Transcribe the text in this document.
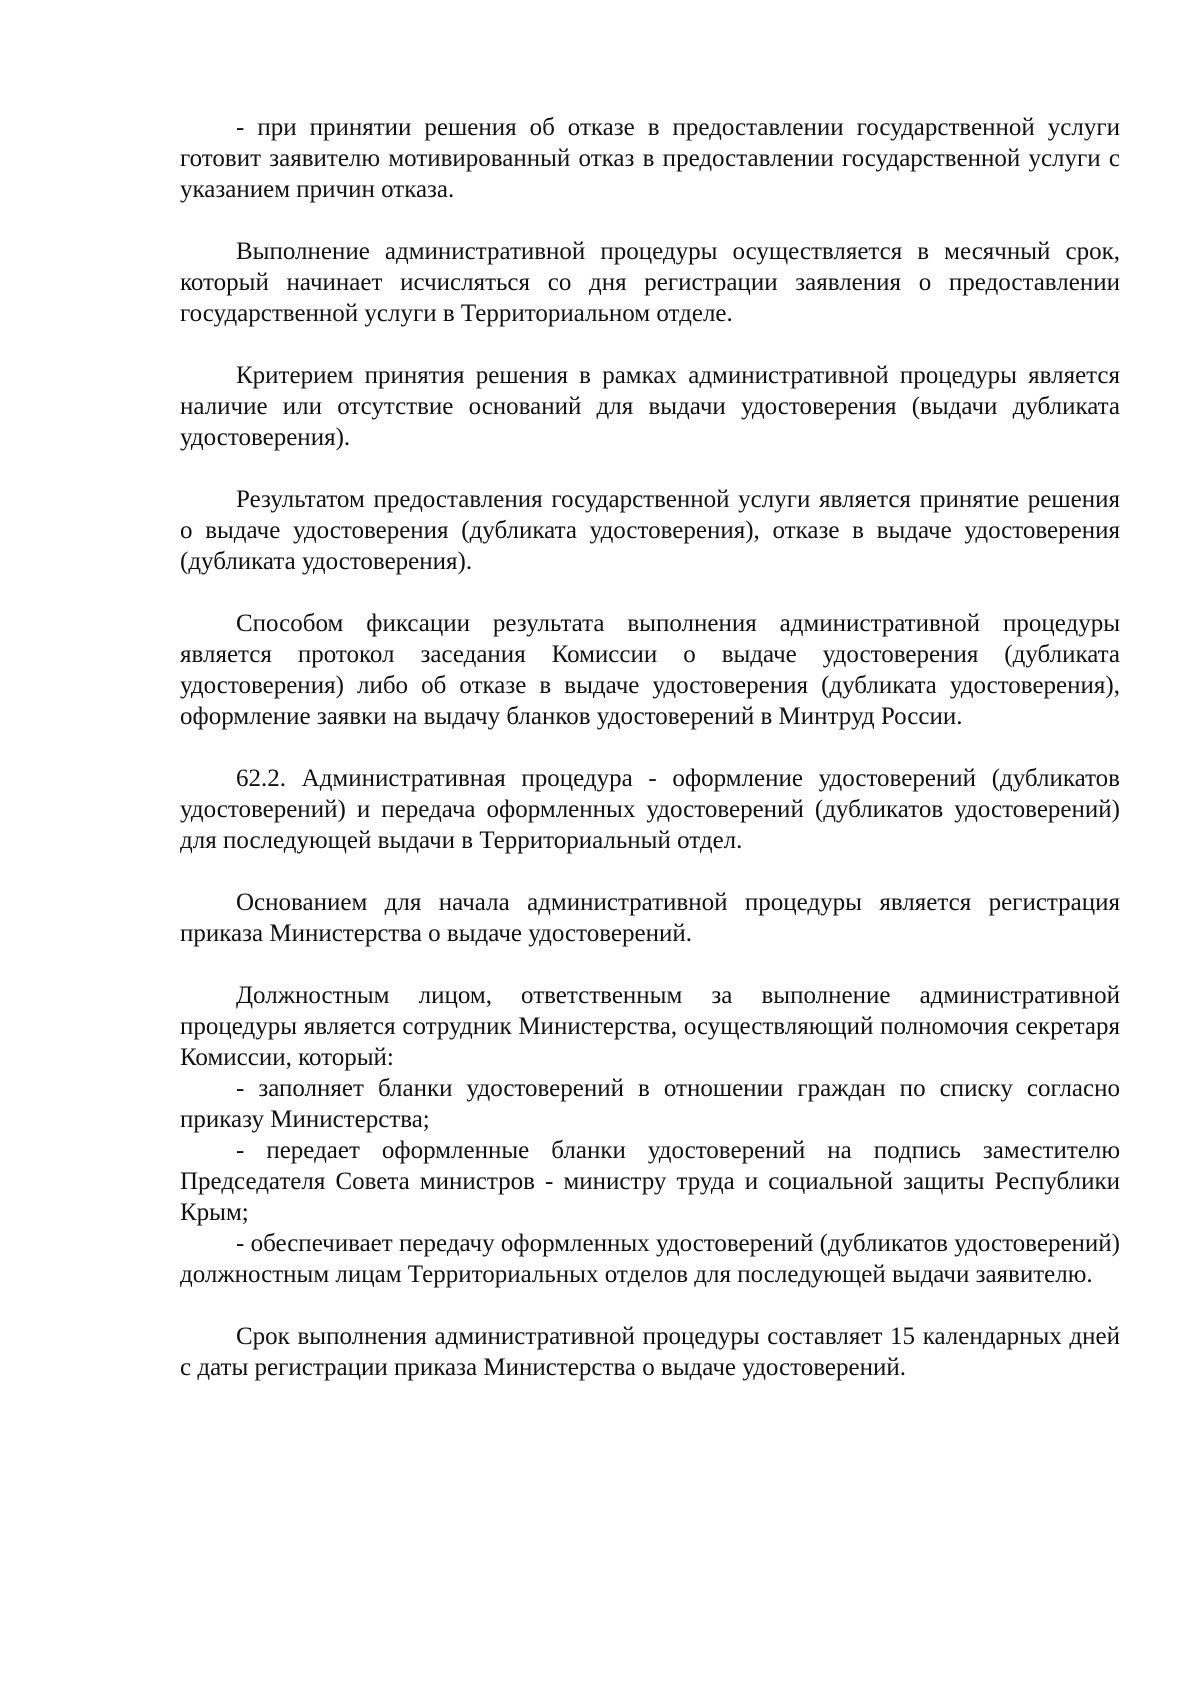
- при принятии решения об отказе в предоставлении государственной услуги готовит заявителю мотивированный отказ в предоставлении государственной услуги с указанием причин отказа.

Выполнение административной процедуры осуществляется в месячный срок, который начинает исчисляться со дня регистрации заявления о предоставлении государственной услуги в Территориальном отделе.

Критерием принятия решения в рамках административной процедуры является наличие или отсутствие оснований для выдачи удостоверения (выдачи дубликата удостоверения).

Результатом предоставления государственной услуги является принятие решения о выдаче удостоверения (дубликата удостоверения), отказе в выдаче удостоверения (дубликата удостоверения).

Способом фиксации результата выполнения административной процедуры является протокол заседания Комиссии о выдаче удостоверения (дубликата удостоверения) либо об отказе в выдаче удостоверения (дубликата удостоверения), оформление заявки на выдачу бланков удостоверений в Минтруд России.

62.2. Административная процедура - оформление удостоверений (дубликатов удостоверений) и передача оформленных удостоверений (дубликатов удостоверений) для последующей выдачи в Территориальный отдел.

Основанием для начала административной процедуры является регистрация приказа Министерства о выдаче удостоверений.

Должностным лицом, ответственным за выполнение административной процедуры является сотрудник Министерства, осуществляющий полномочия секретаря Комиссии, который:

- заполняет бланки удостоверений в отношении граждан по списку согласно приказу Министерства;

- передает оформленные бланки удостоверений на подпись заместителю Председателя Совета министров - министру труда и социальной защиты Республики Крым;

- обеспечивает передачу оформленных удостоверений (дубликатов удостоверений) должностным лицам Территориальных отделов для последующей выдачи заявителю.

Срок выполнения административной процедуры составляет 15 календарных дней с даты регистрации приказа Министерства о выдаче удостоверений.
